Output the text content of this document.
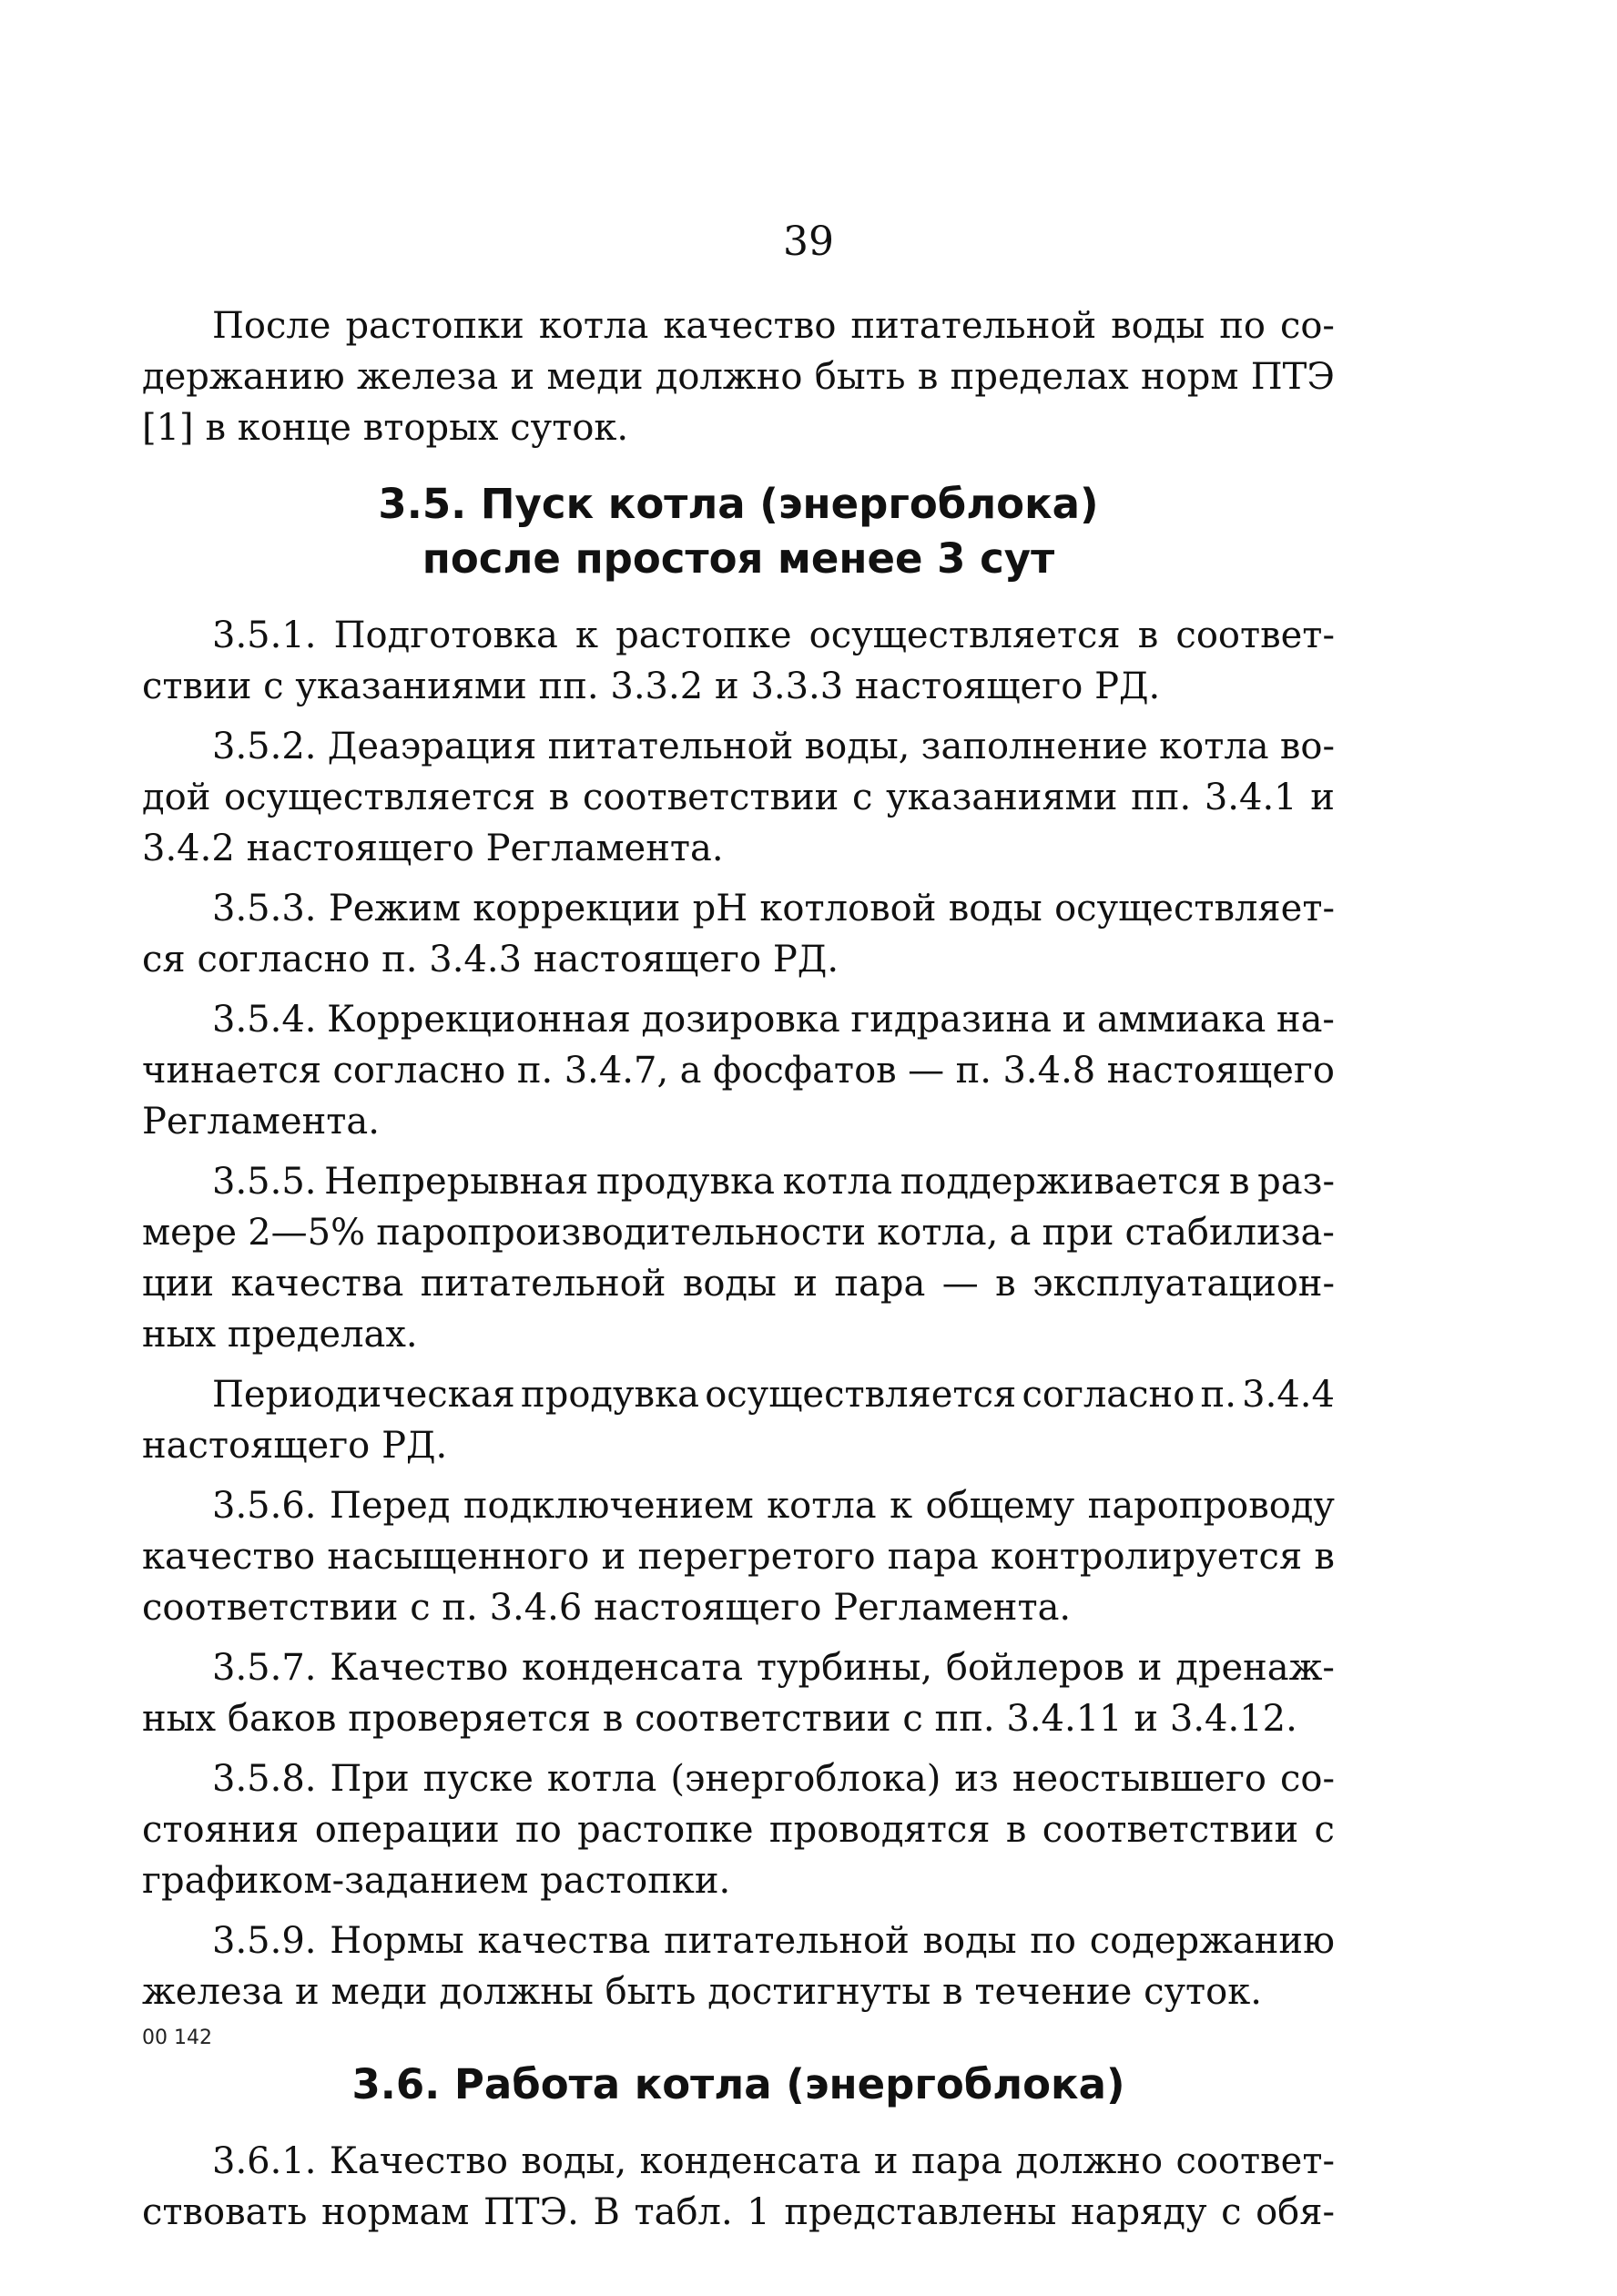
39
После растопки котла качество питательной воды по со-
держанию железа и меди должно быть в пределах норм ПТЭ
[1] в конце вторых суток.
3.5. Пуск котла (энергоблока)
после простоя менее 3 сут
3.5.1. Подготовка к растопке осуществляется в соответ-
ствии с указаниями пп. 3.3.2 и 3.3.3 настоящего РД.
3.5.2. Деаэрация питательной воды, заполнение котла во-
дой осуществляется в соответствии с указаниями пп. 3.4.1 и
3.4.2 настоящего Регламента.
3.5.3. Режим коррекции рН котловой воды осуществляет-
ся согласно п. 3.4.3 настоящего РД.
3.5.4. Коррекционная дозировка гидразина и аммиака на-
чинается согласно п. 3.4.7, а фосфатов — п. 3.4.8 настоящего
Регламента.
3.5.5. Непрерывная продувка котла поддерживается в раз-
мере 2—5% паропроизводительности котла, а при стабилиза-
ции качества питательной воды и пара — в эксплуатацион-
ных пределах.
Периодическая продувка осуществляется согласно п. 3.4.4
настоящего РД.
3.5.6. Перед подключением котла к общему паропроводу
качество насыщенного и перегретого пара контролируется в
соответствии с п. 3.4.6 настоящего Регламента.
3.5.7. Качество конденсата турбины, бойлеров и дренаж-
ных баков проверяется в соответствии с пп. 3.4.11 и 3.4.12.
3.5.8. При пуске котла (энергоблока) из неостывшего со-
стояния операции по растопке проводятся в соответствии с
графиком-заданием растопки.
3.5.9. Нормы качества питательной воды по содержанию
железа и меди должны быть достигнуты в течение суток.
3.6. Работа котла (энергоблока)
3.6.1. Качество воды, конденсата и пара должно соответ-
ствовать нормам ПТЭ. В табл. 1 представлены наряду с обя-
00 142
